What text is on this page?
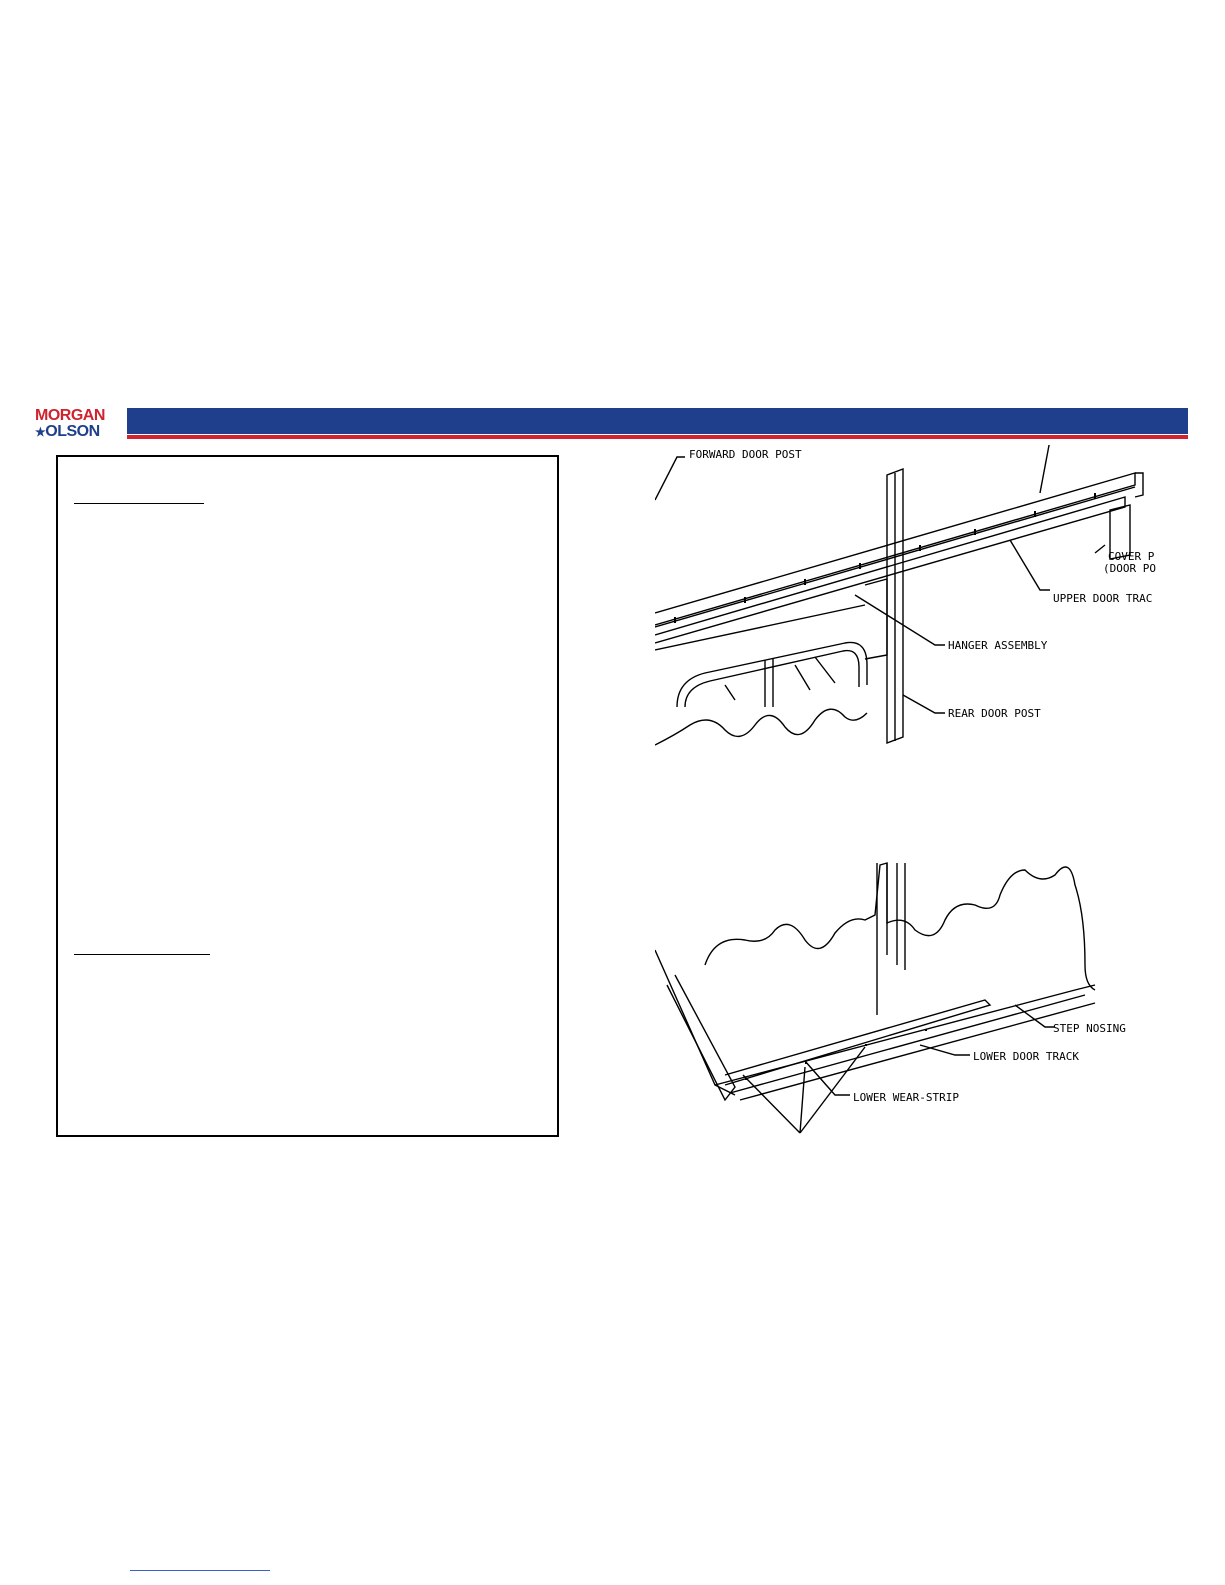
MORGAN
★OLSON
FORWARD DOOR POST
COVER P
(DOOR PO
UPPER DOOR TRAC
HANGER ASSEMBLY
REAR DOOR POST
STEP NOSING
LOWER DOOR TRACK
LOWER WEAR-STRIP
